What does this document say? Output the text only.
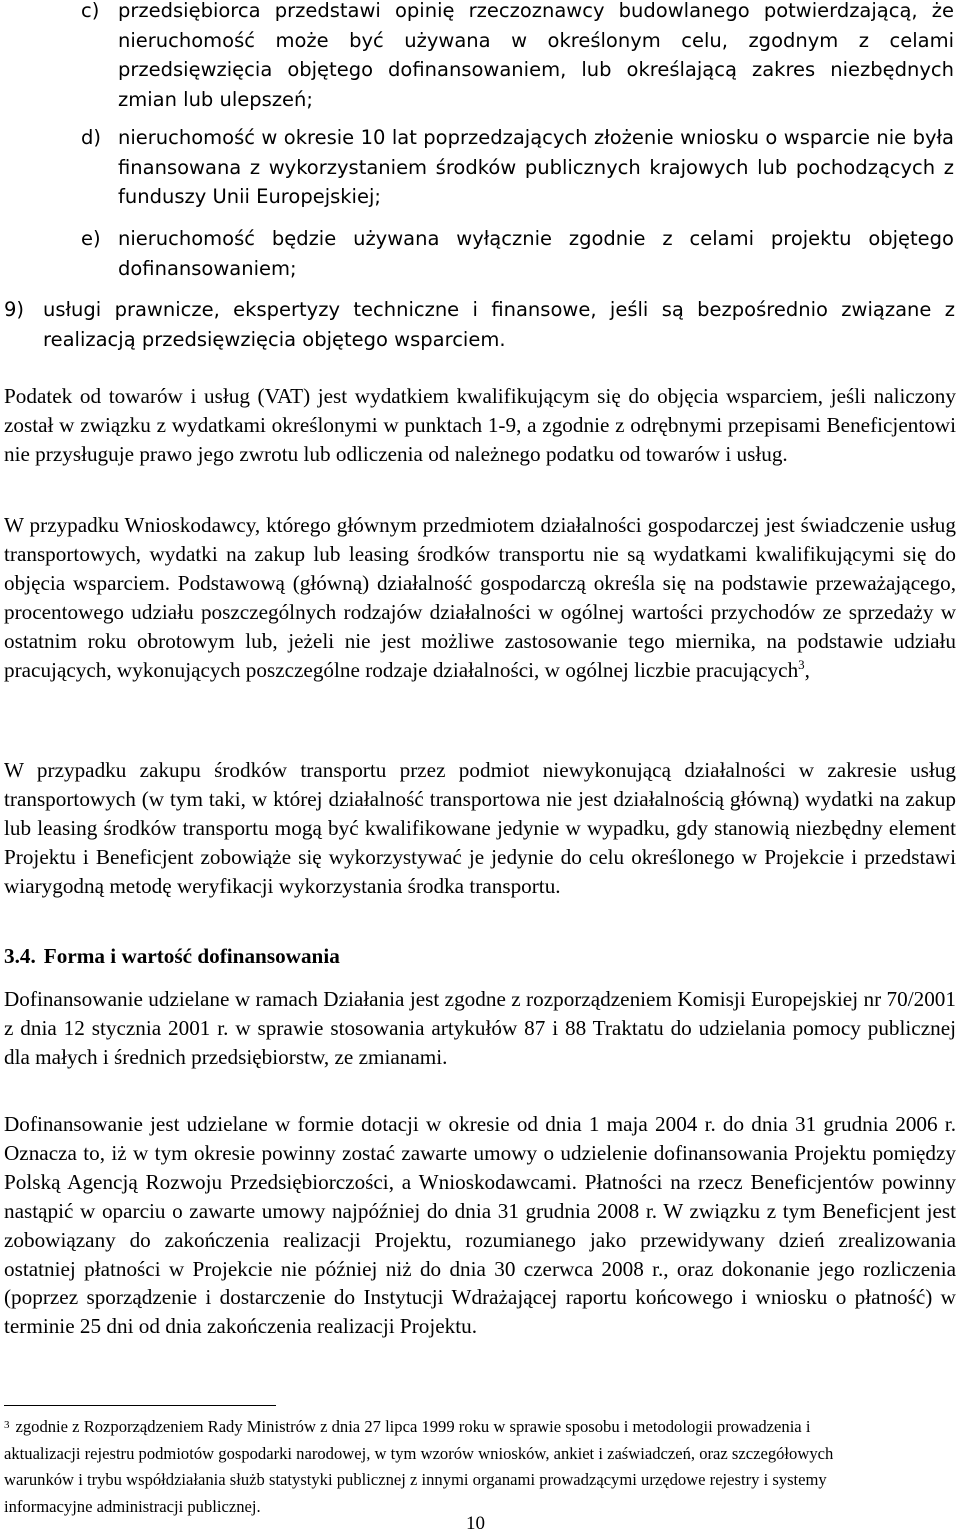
c) przedsiębiorca przedstawi opinię rzeczoznawcy budowlanego potwierdzającą, że nieruchomość może być używana w określonym celu, zgodnym z celami przedsięwzięcia objętego dofinansowaniem, lub określającą zakres niezbędnych zmian lub ulepszeń;
d) nieruchomość w okresie 10 lat poprzedzających złożenie wniosku o wsparcie nie była finansowana z wykorzystaniem środków publicznych krajowych lub pochodzących z funduszy Unii Europejskiej;
e) nieruchomość będzie używana wyłącznie zgodnie z celami projektu objętego dofinansowaniem;
9) usługi prawnicze, ekspertyzy techniczne i finansowe, jeśli są bezpośrednio związane z realizacją przedsięwzięcia objętego wsparciem.

Podatek od towarów i usług (VAT) jest wydatkiem kwalifikującym się do objęcia wsparciem, jeśli naliczony został w związku z wydatkami określonymi w punktach 1-9, a zgodnie z odrębnymi przepisami Beneficjentowi nie przysługuje prawo jego zwrotu lub odliczenia od należnego podatku od towarów i usług.

W przypadku Wnioskodawcy, którego głównym przedmiotem działalności gospodarczej jest świadczenie usług transportowych, wydatki na zakup lub leasing środków transportu nie są wydatkami kwalifikującymi się do objęcia wsparciem. Podstawową (główną) działalność gospodarczą określa się na podstawie przeważającego, procentowego udziału poszczególnych rodzajów działalności w ogólnej wartości przychodów ze sprzedaży w ostatnim roku obrotowym lub, jeżeli nie jest możliwe zastosowanie tego miernika, na podstawie udziału pracujących, wykonujących poszczególne rodzaje działalności, w ogólnej liczbie pracujących$^3$,

W przypadku zakupu środków transportu przez podmiot niewykonującą działalności w zakresie usług transportowych (w tym taki, w której działalność transportowa nie jest działalnością główną) wydatki na zakup lub leasing środków transportu mogą być kwalifikowane jedynie w wypadku, gdy stanowią niezbędny element Projektu i Beneficjent zobowiąże się wykorzystywać je jedynie do celu określonego w Projekcie i przedstawi wiarygodną metodę weryfikacji wykorzystania środka transportu.

3.4. Forma i wartość dofinansowania

Dofinansowanie udzielane w ramach Działania jest zgodne z rozporządzeniem Komisji Europejskiej nr 70/2001 z dnia 12 stycznia 2001 r. w sprawie stosowania artykułów 87 i 88 Traktatu do udzielania pomocy publicznej dla małych i średnich przedsiębiorstw, ze zmianami.

Dofinansowanie jest udzielane w formie dotacji w okresie od dnia 1 maja 2004 r. do dnia 31 grudnia 2006 r. Oznacza to, iż w tym okresie powinny zostać zawarte umowy o udzielenie dofinansowania Projektu pomiędzy Polską Agencją Rozwoju Przedsiębiorczości, a Wnioskodawcami. Płatności na rzecz Beneficjentów powinny nastąpić w oparciu o zawarte umowy najpóźniej do dnia 31 grudnia 2008 r. W związku z tym Beneficjent jest zobowiązany do zakończenia realizacji Projektu, rozumianego jako przewidywany dzień zrealizowania ostatniej płatności w Projekcie nie później niż do dnia 30 czerwca 2008 r., oraz dokonanie jego rozliczenia (poprzez sporządzenie i dostarczenie do Instytucji Wdrażającej raportu końcowego i wniosku o płatność) w terminie 25 dni od dnia zakończenia realizacji Projektu.

$^3$ zgodnie z Rozporządzeniem Rady Ministrów z dnia 27 lipca 1999 roku w sprawie sposobu i metodologii prowadzenia i aktualizacji rejestru podmiotów gospodarki narodowej, w tym wzorów wniosków, ankiet i zaświadczeń, oraz szczegółowych warunków i trybu współdziałania służb statystyki publicznej z innymi organami prowadzącymi urzędowe rejestry i systemy informacyjne administracji publicznej.

10
